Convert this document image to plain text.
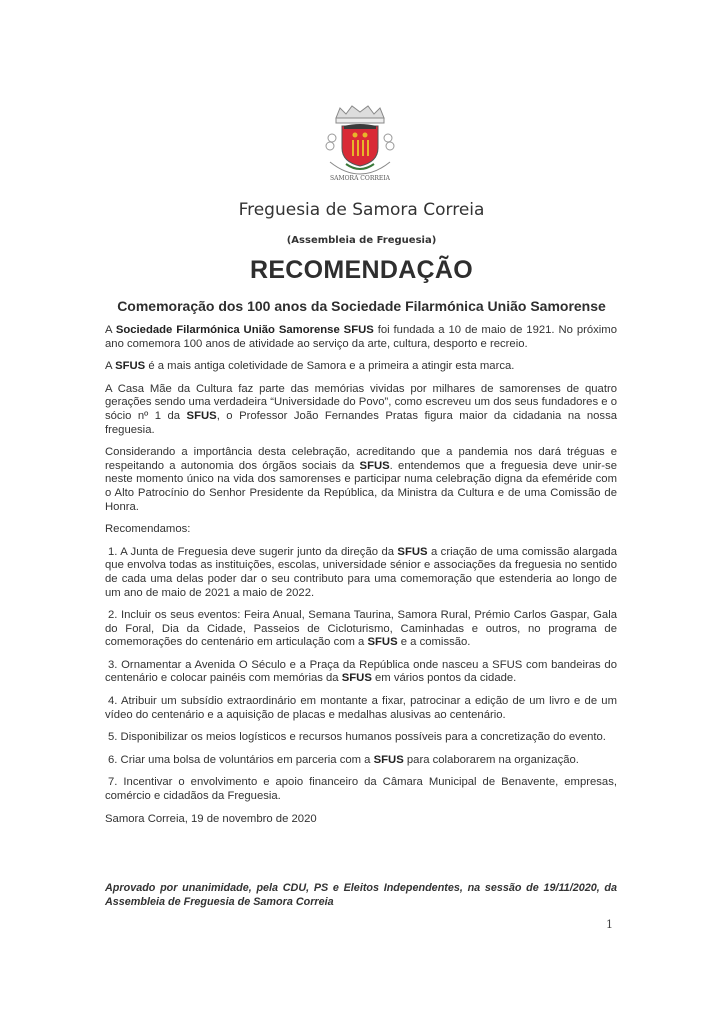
SAMORA CORREIA
Freguesia de Samora Correia
(Assembleia de Freguesia)
RECOMENDAÇÃO
Comemoração dos 100 anos da Sociedade Filarmónica União Samorense

A Sociedade Filarmónica União Samorense SFUS foi fundada a 10 de maio de 1921. No próximo ano comemora 100 anos de atividade ao serviço da arte, cultura, desporto e recreio.

A SFUS é a mais antiga coletividade de Samora e a primeira a atingir esta marca.

A Casa Mãe da Cultura faz parte das memórias vividas por milhares de samorenses de quatro gerações sendo uma verdadeira “Universidade do Povo”, como escreveu um dos seus fundadores e o sócio nº 1 da SFUS, o Professor João Fernandes Pratas figura maior da cidadania na nossa freguesia.

Considerando a importância desta celebração, acreditando que a pandemia nos dará tréguas e respeitando a autonomia dos órgãos sociais da SFUS. entendemos que a freguesia deve unir-se neste momento único na vida dos samorenses e participar numa celebração digna da efeméride com o Alto Patrocínio do Senhor Presidente da República, da Ministra da Cultura e de uma Comissão de Honra.

Recomendamos:

1. A Junta de Freguesia deve sugerir junto da direção da SFUS a criação de uma comissão alargada que envolva todas as instituições, escolas, universidade sénior e associações da freguesia no sentido de cada uma delas poder dar o seu contributo para uma comemoração que estenderia ao longo de um ano de maio de 2021 a maio de 2022.

2. Incluir os seus eventos: Feira Anual, Semana Taurina, Samora Rural, Prémio Carlos Gaspar, Gala do Foral, Dia da Cidade, Passeios de Cicloturismo, Caminhadas e outros, no programa de comemorações do centenário em articulação com a SFUS e a comissão.

3. Ornamentar a Avenida O Século e a Praça da República onde nasceu a SFUS com bandeiras do centenário e colocar painéis com memórias da SFUS em vários pontos da cidade.

4. Atribuir um subsídio extraordinário em montante a fixar, patrocinar a edição de um livro e de um vídeo do centenário e a aquisição de placas e medalhas alusivas ao centenário.

5. Disponibilizar os meios logísticos e recursos humanos possíveis para a concretização do evento.

6. Criar uma bolsa de voluntários em parceria com a SFUS para colaborarem na organização.

7. Incentivar o envolvimento e apoio financeiro da Câmara Municipal de Benavente, empresas, comércio e cidadãos da Freguesia.

Samora Correia, 19 de novembro de 2020

Aprovado por unanimidade, pela CDU, PS e Eleitos Independentes, na sessão de 19/11/2020, da Assembleia de Freguesia de Samora Correia
1
